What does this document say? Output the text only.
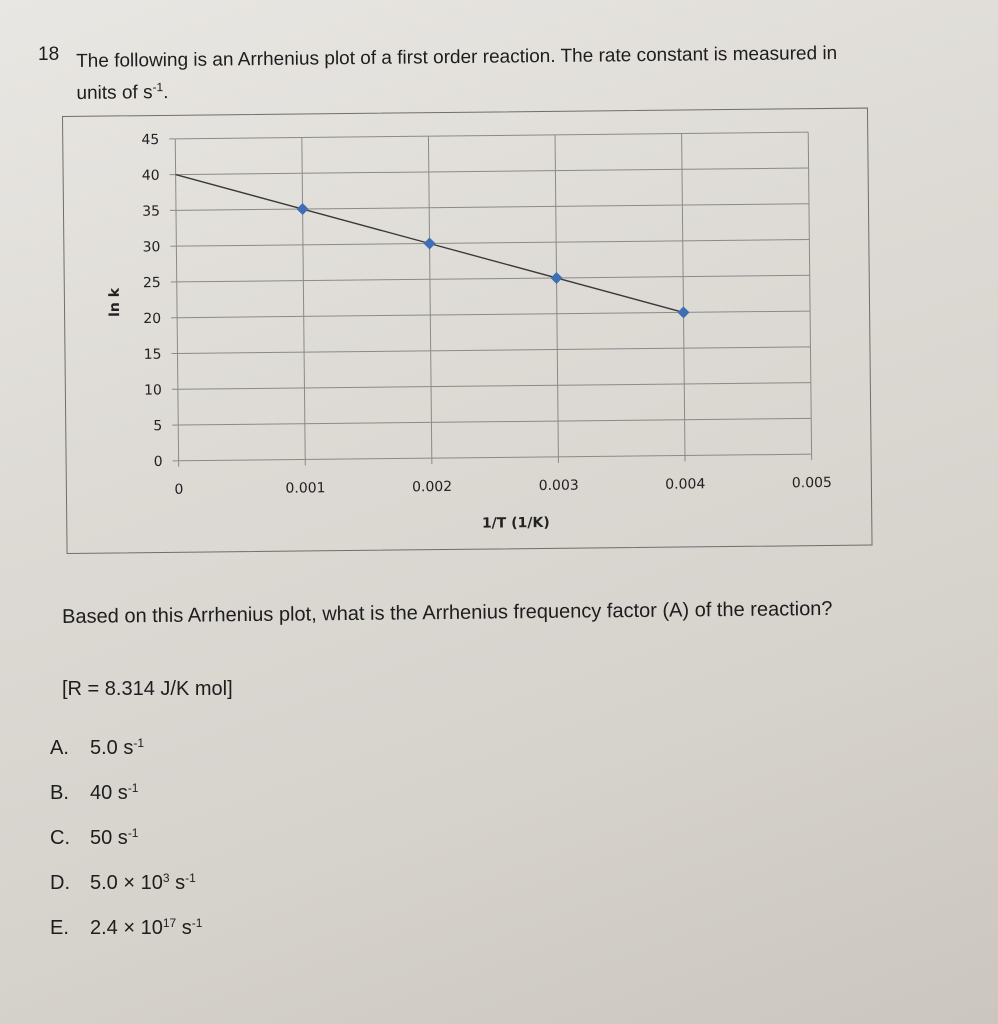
18 The following is an Arrhenius plot of a first order reaction. The rate constant is measured in
units of $s^{-1}$.
0
5
10
15
20
25
30
35
40
45
0	0.001	0.002	0.003	0.004	0.005
1/T (1/K)
ln k
Based on this Arrhenius plot, what is the Arrhenius frequency factor (A) of the reaction?
[R = 8.314 J/K mol]
A. 5.0 $s^{-1}$
B. 40 $s^{-1}$
C. 50 $s^{-1}$
D. $5.0 \times 10^3$ $s^{-1}$
E. $2.4 \times 10^{17}$ $s^{-1}$
